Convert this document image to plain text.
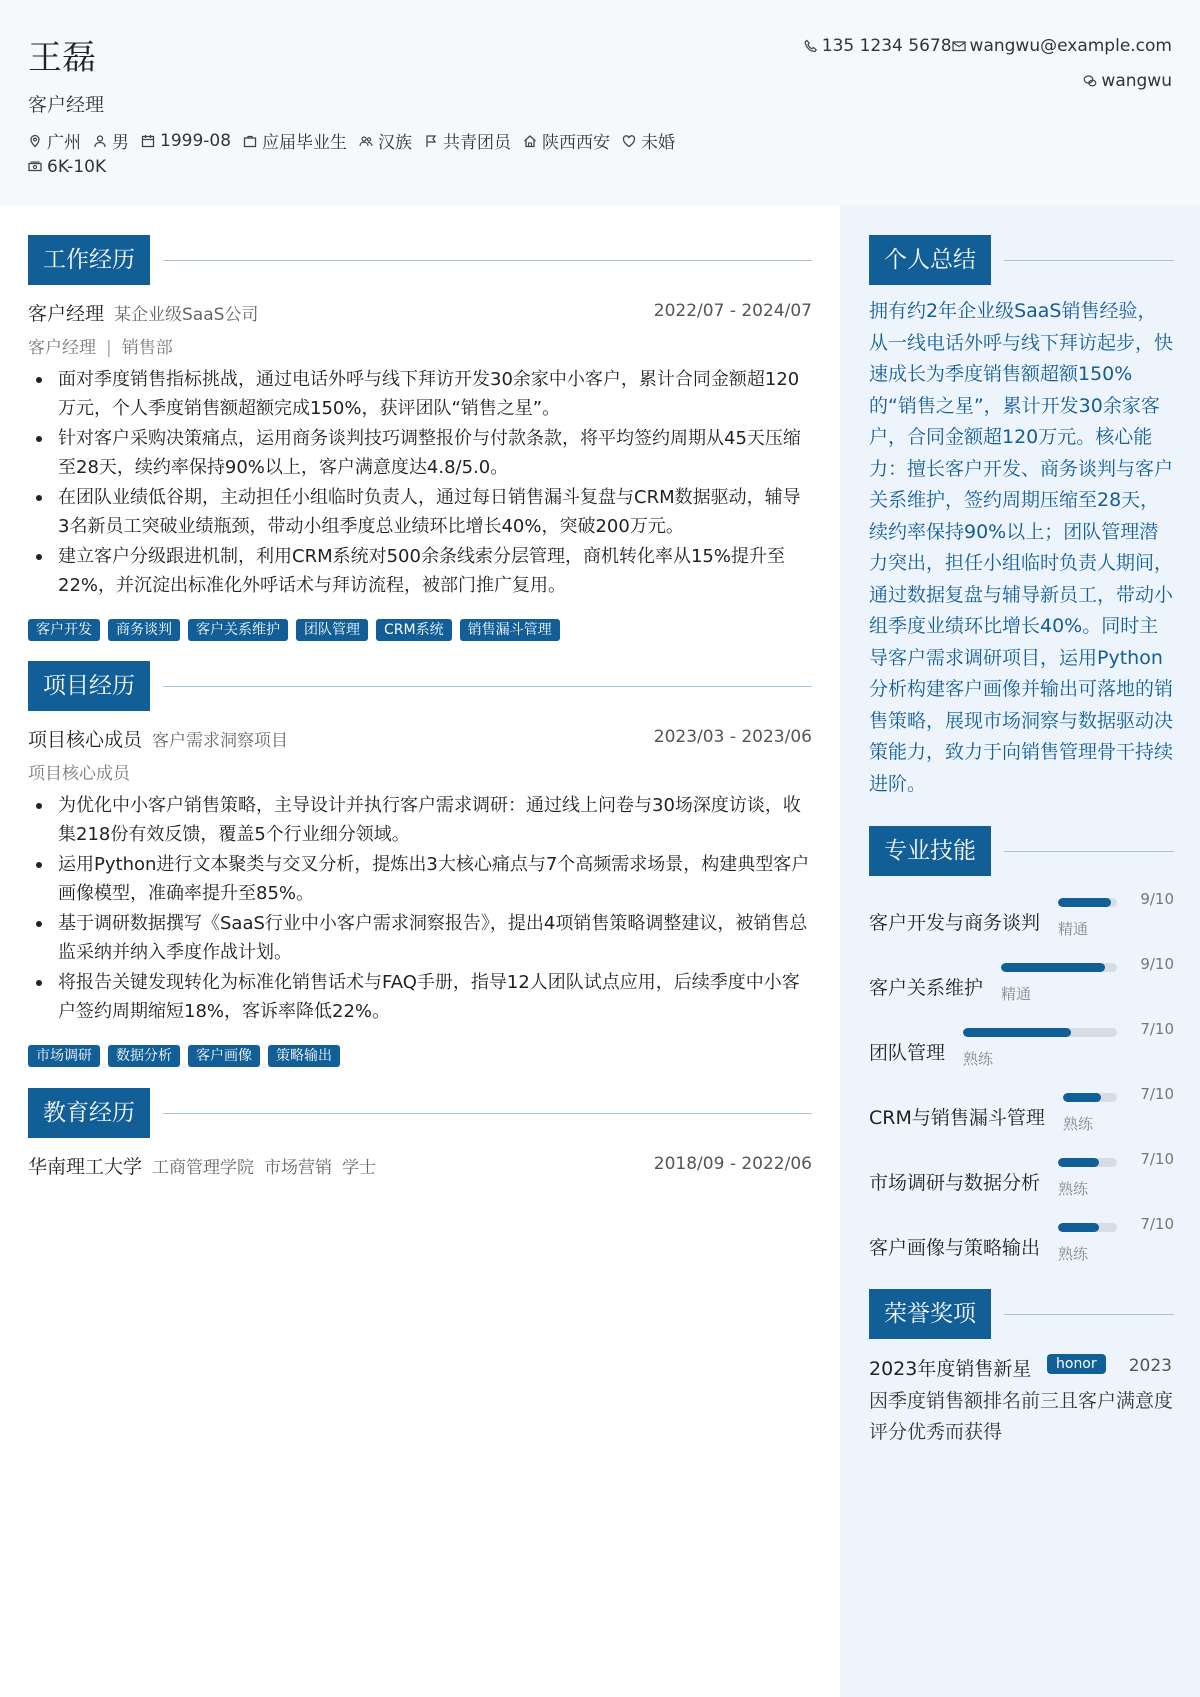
王磊
客户经理
广州 男 1999-08 应届毕业生 汉族 共青团员 陕西西安 未婚
6K-10K
135 1234 5678 wangwu@example.com
wangwu
工作经历
客户经理 某企业级SaaS公司	2022/07 - 2024/07
客户经理 | 销售部
面对季度销售指标挑战，通过电话外呼与线下拜访开发30余家中小客户，累计合同金额超120万元，个人季度销售额超额完成150%，获评团队“销售之星”。
针对客户采购决策痛点，运用商务谈判技巧调整报价与付款条款，将平均签约周期从45天压缩至28天，续约率保持90%以上，客户满意度达4.8/5.0。
在团队业绩低谷期，主动担任小组临时负责人，通过每日销售漏斗复盘与CRM数据驱动，辅导3名新员工突破业绩瓶颈，带动小组季度总业绩环比增长40%，突破200万元。
建立客户分级跟进机制，利用CRM系统对500余条线索分层管理，商机转化率从15%提升至22%，并沉淀出标准化外呼话术与拜访流程，被部门推广复用。
客户开发	商务谈判	客户关系维护	团队管理	CRM系统	销售漏斗管理
项目经历
项目核心成员 客户需求洞察项目	2023/03 - 2023/06
项目核心成员
为优化中小客户销售策略，主导设计并执行客户需求调研：通过线上问卷与30场深度访谈，收集218份有效反馈，覆盖5个行业细分领域。
运用Python进行文本聚类与交叉分析，提炼出3大核心痛点与7个高频需求场景，构建典型客户画像模型，准确率提升至85%。
基于调研数据撰写《SaaS行业中小客户需求洞察报告》，提出4项销售策略调整建议，被销售总监采纳并纳入季度作战计划。
将报告关键发现转化为标准化销售话术与FAQ手册，指导12人团队试点应用，后续季度中小客户签约周期缩短18%，客诉率降低22%。
市场调研	数据分析	客户画像	策略输出
教育经历
华南理工大学 工商管理学院 市场营销 学士	2018/09 - 2022/06
个人总结
拥有约2年企业级SaaS销售经验，从一线电话外呼与线下拜访起步，快速成长为季度销售额超额150%的“销售之星”，累计开发30余家客户，合同金额超120万元。核心能力：擅长客户开发、商务谈判与客户关系维护，签约周期压缩至28天，续约率保持90%以上；团队管理潜力突出，担任小组临时负责人期间，通过数据复盘与辅导新员工，带动小组季度业绩环比增长40%。同时主导客户需求调研项目，运用Python分析构建客户画像并输出可落地的销售策略，展现市场洞察与数据驱动决策能力，致力于向销售管理骨干持续进阶。
专业技能
客户开发与商务谈判
9/10
精通
客户关系维护
9/10
精通
团队管理
7/10
熟练
CRM与销售漏斗管理
7/10
熟练
市场调研与数据分析
7/10
熟练
客户画像与策略输出
7/10
熟练
荣誉奖项
2023年度销售新星	honor	2023
因季度销售额排名前三且客户满意度评分优秀而获得
